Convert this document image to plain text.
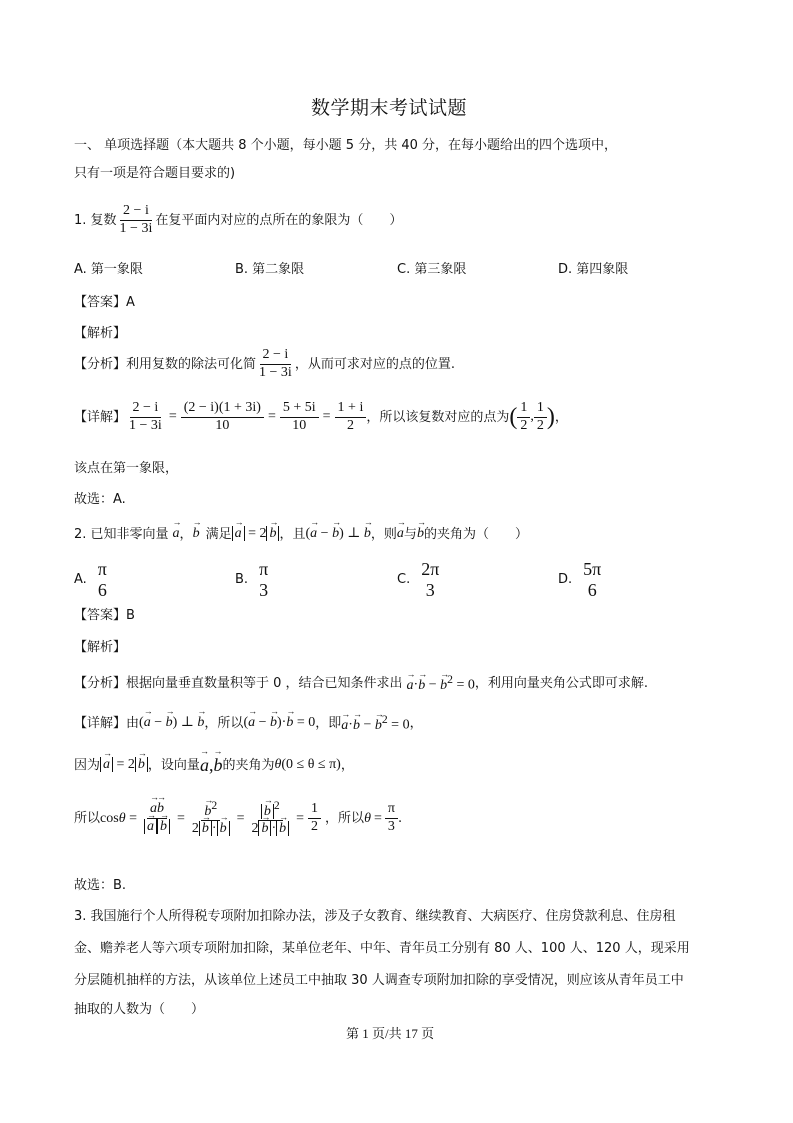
数学期末考试试题
一、 单项选择题（本大题共 8 个小题，每小题 5 分，共 40 分，在每小题给出的四个选项中，
只有一项是符合题目要求的)
1. 复数 $\frac{2 - i}{1 - 3i}$ 在复平面内对应的点所在的象限为（　　）
A. 第一象限	B. 第二象限	C. 第三象限	D. 第四象限
【答案】A
【解析】
【分析】利用复数的除法可化简 $\frac{2 - i}{1 - 3i}$ ，从而可求对应的点的位置.
【详解】 $\frac{2 - i}{1 - 3i} = \frac{(2 - i)(1 + 3i)}{10} = \frac{5 + 5i}{10} = \frac{1 + i}{2}$ ，所以该复数对应的点为 ( $\frac{1}{2}$ , $\frac{1}{2}$ ) ，
该点在第一象限，
故选：A.
2. 已知非零向量 → a ， → b 满足 → a = 2 → b ，且 (→ a − → b) ⊥ → b ，则 → a 与 → b 的夹角为（　　）
A.
π
6	B.
π
3	C.
2π
3	D.
5π
6
【答案】B
【解析】
【分析】根据向量垂直数量积等于 0 ，结合已知条件求出 → a·→ b − → $b^2 = 0$ ，利用向量夹角公式即可求解.
【详解】由 (→ a − → b) ⊥ → b ，所以 (→ a − → b)·→ b = 0 ，即 → a·→ b − → $b^2 = 0$ ，
因为 → a = 2 → b ，设向量 → a,→ b 的夹角为 θ (0 ≤ θ ≤ π) ，
所以 cosθ = → a→ b
→ a → b = → $\frac{b^2}{2 \to b \cdot \to b}$ = → $\frac{b ^2}{2 \to b \cdot \to b} = \frac{1}{2}$ ，所以 $\theta = \frac{\pi}{3}$ .
故选：B.
3. 我国施行个人所得税专项附加扣除办法，涉及子女教育、继续教育、大病医疗、住房贷款利息、住房租
金、赡养老人等六项专项附加扣除，某单位老年、中年、青年员工分别有 80 人、100 人、120 人，现采用
分层随机抽样的方法，从该单位上述员工中抽取 30 人调查专项附加扣除的享受情况，则应该从青年员工中
抽取的人数为（　　）
第 1 页/共 17 页
